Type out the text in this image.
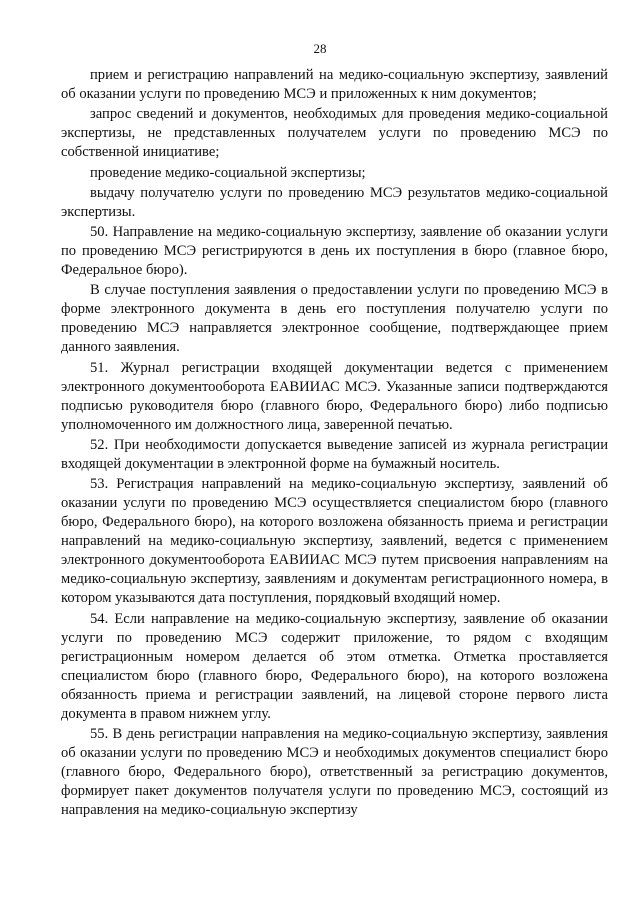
28

прием и регистрацию направлений на медико-социальную экспертизу, заявлений об оказании услуги по проведению МСЭ и приложенных к ним документов;

запрос сведений и документов, необходимых для проведения медико-социальной экспертизы, не представленных получателем услуги по проведению МСЭ по собственной инициативе;

проведение медико-социальной экспертизы;

выдачу получателю услуги по проведению МСЭ результатов медико-социальной экспертизы.

50. Направление на медико-социальную экспертизу, заявление об оказании услуги по проведению МСЭ регистрируются в день их поступления в бюро (главное бюро, Федеральное бюро).

В случае поступления заявления о предоставлении услуги по проведению МСЭ в форме электронного документа в день его поступления получателю услуги по проведению МСЭ направляется электронное сообщение, подтверждающее прием данного заявления.

51. Журнал регистрации входящей документации ведется с применением электронного документооборота ЕАВИИАС МСЭ. Указанные записи подтверждаются подписью руководителя бюро (главного бюро, Федерального бюро) либо подписью уполномоченного им должностного лица, заверенной печатью.

52. При необходимости допускается выведение записей из журнала регистрации входящей документации в электронной форме на бумажный носитель.

53. Регистрация направлений на медико-социальную экспертизу, заявлений об оказании услуги по проведению МСЭ осуществляется специалистом бюро (главного бюро, Федерального бюро), на которого возложена обязанность приема и регистрации направлений на медико-социальную экспертизу, заявлений, ведется с применением электронного документооборота ЕАВИИАС МСЭ путем присвоения направлениям на медико-социальную экспертизу, заявлениям и документам регистрационного номера, в котором указываются дата поступления, порядковый входящий номер.

54. Если направление на медико-социальную экспертизу, заявление об оказании услуги по проведению МСЭ содержит приложение, то рядом с входящим регистрационным номером делается об этом отметка. Отметка проставляется специалистом бюро (главного бюро, Федерального бюро), на которого возложена обязанность приема и регистрации заявлений, на лицевой стороне первого листа документа в правом нижнем углу.

55. В день регистрации направления на медико-социальную экспертизу, заявления об оказании услуги по проведению МСЭ и необходимых документов специалист бюро (главного бюро, Федерального бюро), ответственный за регистрацию документов, формирует пакет документов получателя услуги по проведению МСЭ, состоящий из направления на медико-социальную экспертизу
